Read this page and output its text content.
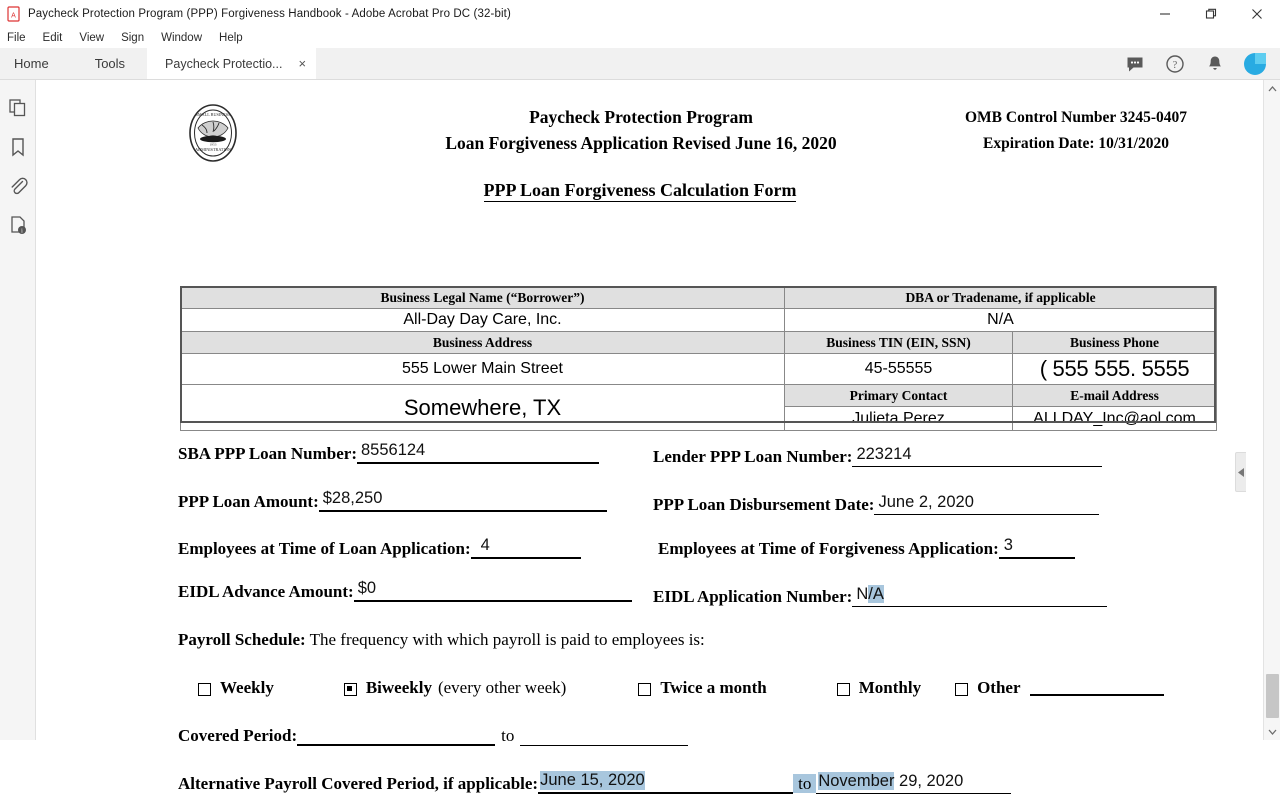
A Paycheck Protection Program (PPP) Forgiveness Handbook - Adobe Acrobat Pro DC (32-bit)
File	Edit	View	Sign	Window	Help
Home	Tools	Paycheck Protectio... ×	?
i
SMALL BUSINESS
ADMINISTRATION
1953
Paycheck Protection Program
Loan Forgiveness Application Revised June 16, 2020
OMB Control Number 3245-0407
Expiration Date: 10/31/2020
PPP Loan Forgiveness Calculation Form
Business Legal Name (“Borrower”)	DBA or Tradename, if applicable	
All-Day Day Care, Inc.	N/A	
Business Address	Business TIN (EIN, SSN)	Business Phone
555 Lower Main Street	45-55555	( 555 555. 5555
Somewhere, TX	Primary Contact	E-mail Address
	Julieta Perez	ALLDAY_Inc@aol.com
SBA PPP Loan Number: 8556124	Lender PPP Loan Number: 223214
PPP Loan Amount: $28,250	PPP Loan Disbursement Date: June 2, 2020
Employees at Time of Loan Application: 4	Employees at Time of Forgiveness Application: 3
EIDL Advance Amount: $0	EIDL Application Number: N/A
Payroll Schedule: The frequency with which payroll is paid to employees is:
Weekly	Biweekly (every other week)	Twice a month	Monthly	Other
Covered Period:	to
Alternative Payroll Covered Period, if applicable: June 15, 2020	to November 29, 2020
